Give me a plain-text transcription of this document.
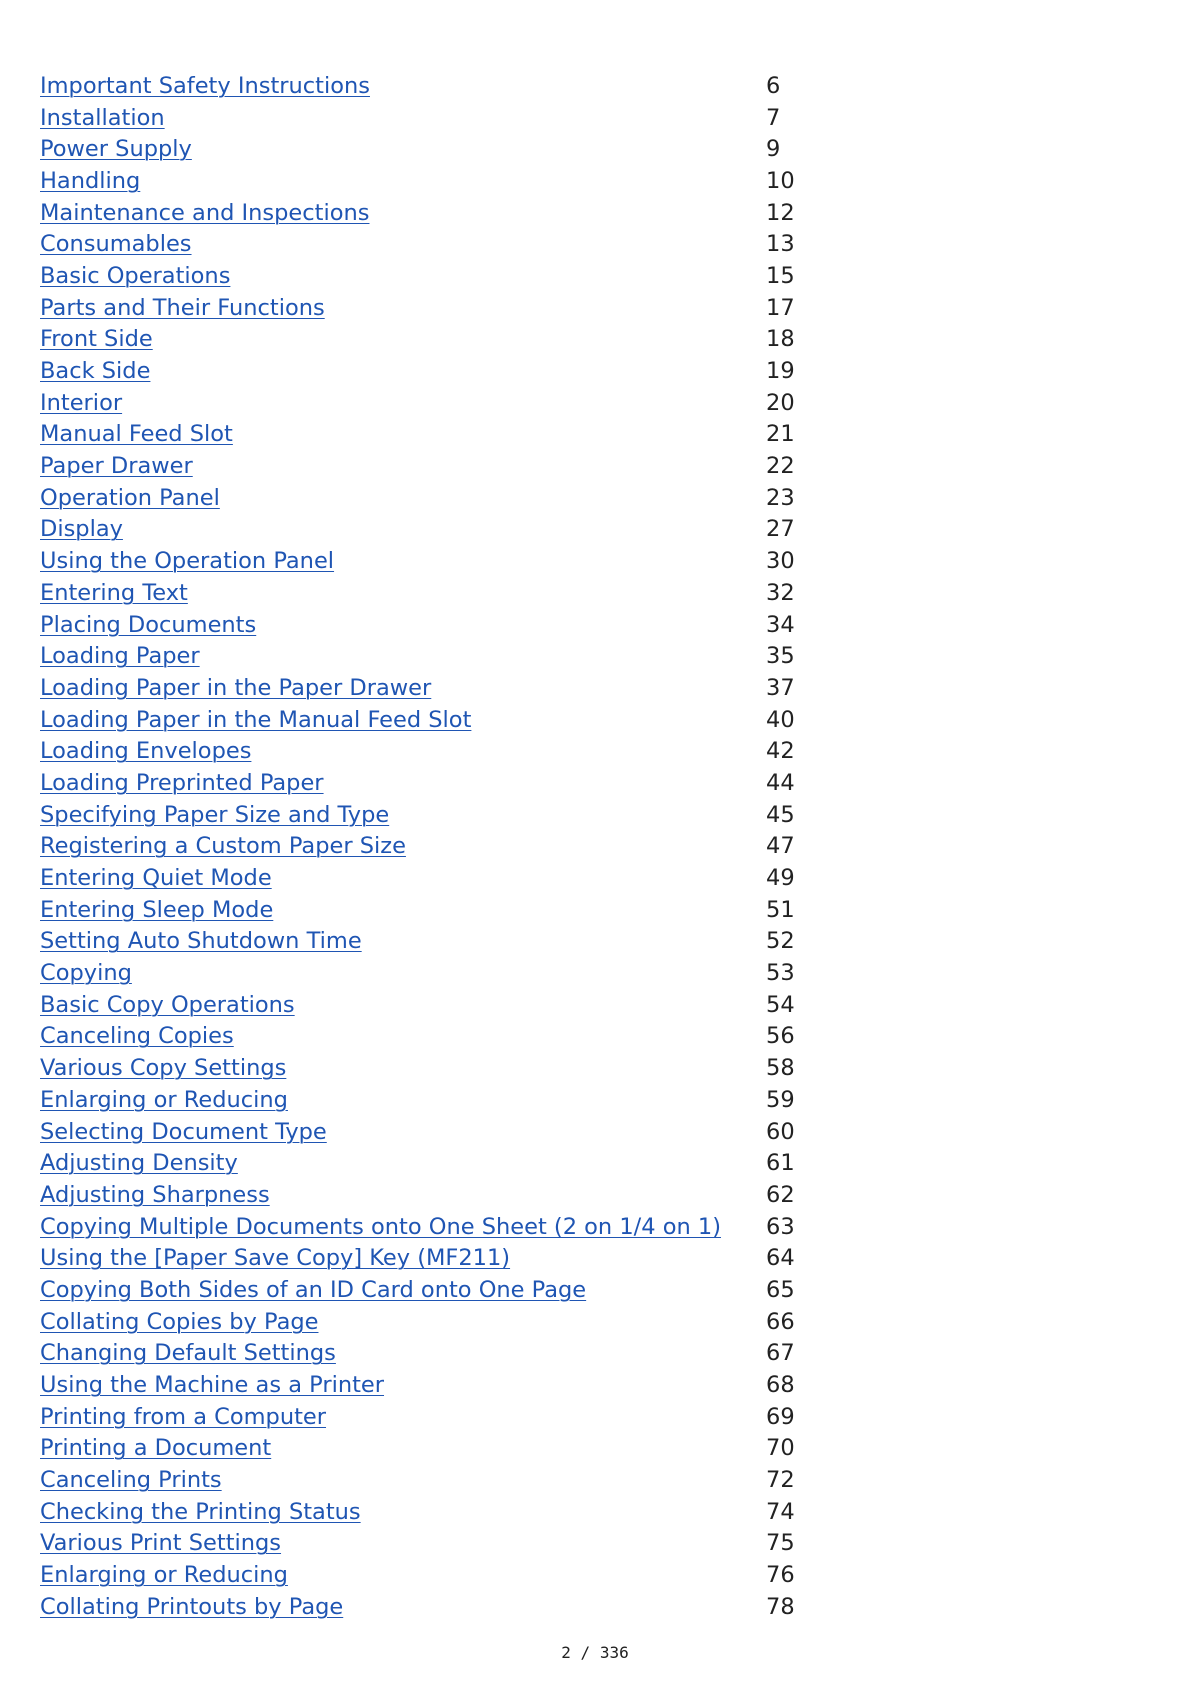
Important Safety Instructions	6
Installation	7
Power Supply	9
Handling	10
Maintenance and Inspections	12
Consumables	13
Basic Operations	15
Parts and Their Functions	17
Front Side	18
Back Side	19
Interior	20
Manual Feed Slot	21
Paper Drawer	22
Operation Panel	23
Display	27
Using the Operation Panel	30
Entering Text	32
Placing Documents	34
Loading Paper	35
Loading Paper in the Paper Drawer	37
Loading Paper in the Manual Feed Slot	40
Loading Envelopes	42
Loading Preprinted Paper	44
Specifying Paper Size and Type	45
Registering a Custom Paper Size	47
Entering Quiet Mode	49
Entering Sleep Mode	51
Setting Auto Shutdown Time	52
Copying	53
Basic Copy Operations	54
Canceling Copies	56
Various Copy Settings	58
Enlarging or Reducing	59
Selecting Document Type	60
Adjusting Density	61
Adjusting Sharpness	62
Copying Multiple Documents onto One Sheet (2 on 1/4 on 1)	63
Using the [Paper Save Copy] Key (MF211)	64
Copying Both Sides of an ID Card onto One Page	65
Collating Copies by Page	66
Changing Default Settings	67
Using the Machine as a Printer	68
Printing from a Computer	69
Printing a Document	70
Canceling Prints	72
Checking the Printing Status	74
Various Print Settings	75
Enlarging or Reducing	76
Collating Printouts by Page	78
2 / 336
